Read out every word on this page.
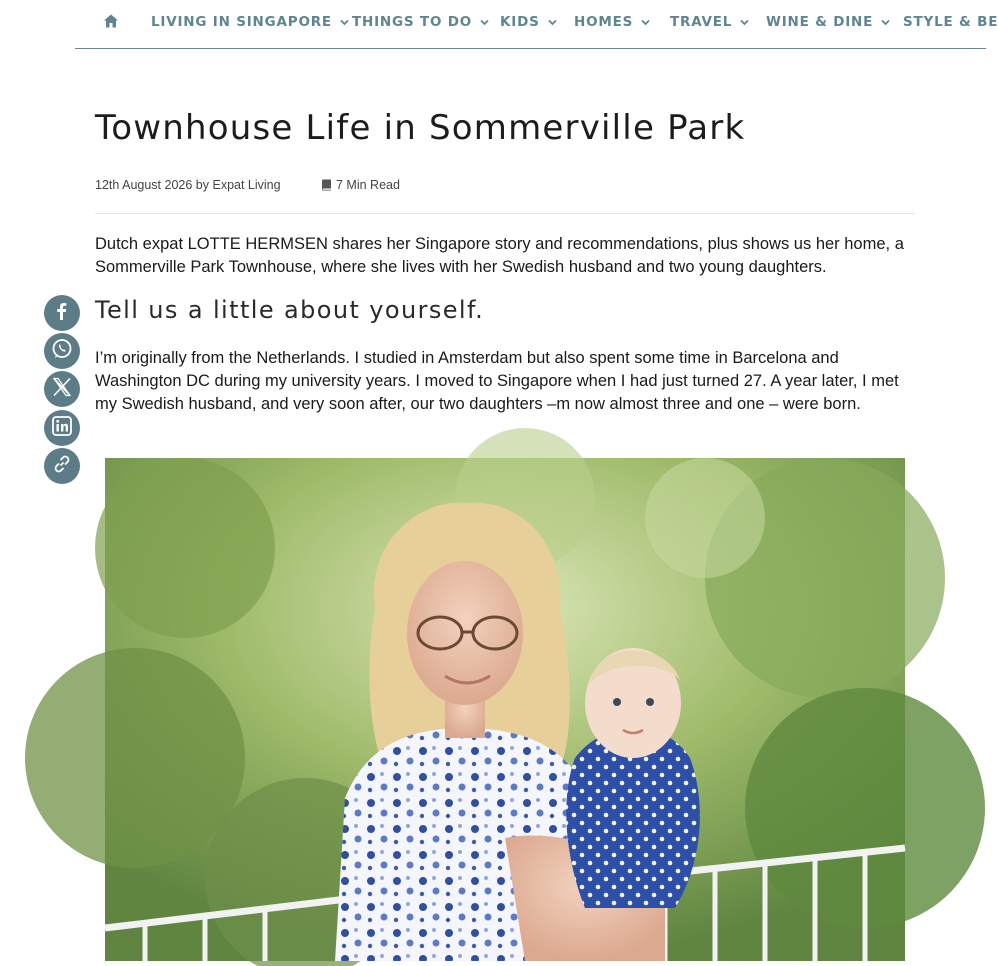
LIVING IN SINGAPORE THINGS TO DO KIDS	HOMES	TRAVEL	WINE & DINE STYLE & BE
Townhouse Life in Sommerville Park
12th August 2026 by Expat Living	7 Min Read

Dutch expat LOTTE HERMSEN shares her Singapore story and recommendations, plus shows us her home, a Sommerville Park Townhouse, where she lives with her Swedish husband and two young daughters.

Tell us a little about yourself.

I’m originally from the Netherlands. I studied in Amsterdam but also spent some time in Barcelona and Washington DC during my university years. I moved to Singapore when I had just turned 27. A year later, I met my Swedish husband, and very soon after, our two daughters –m now almost three and one – were born.
